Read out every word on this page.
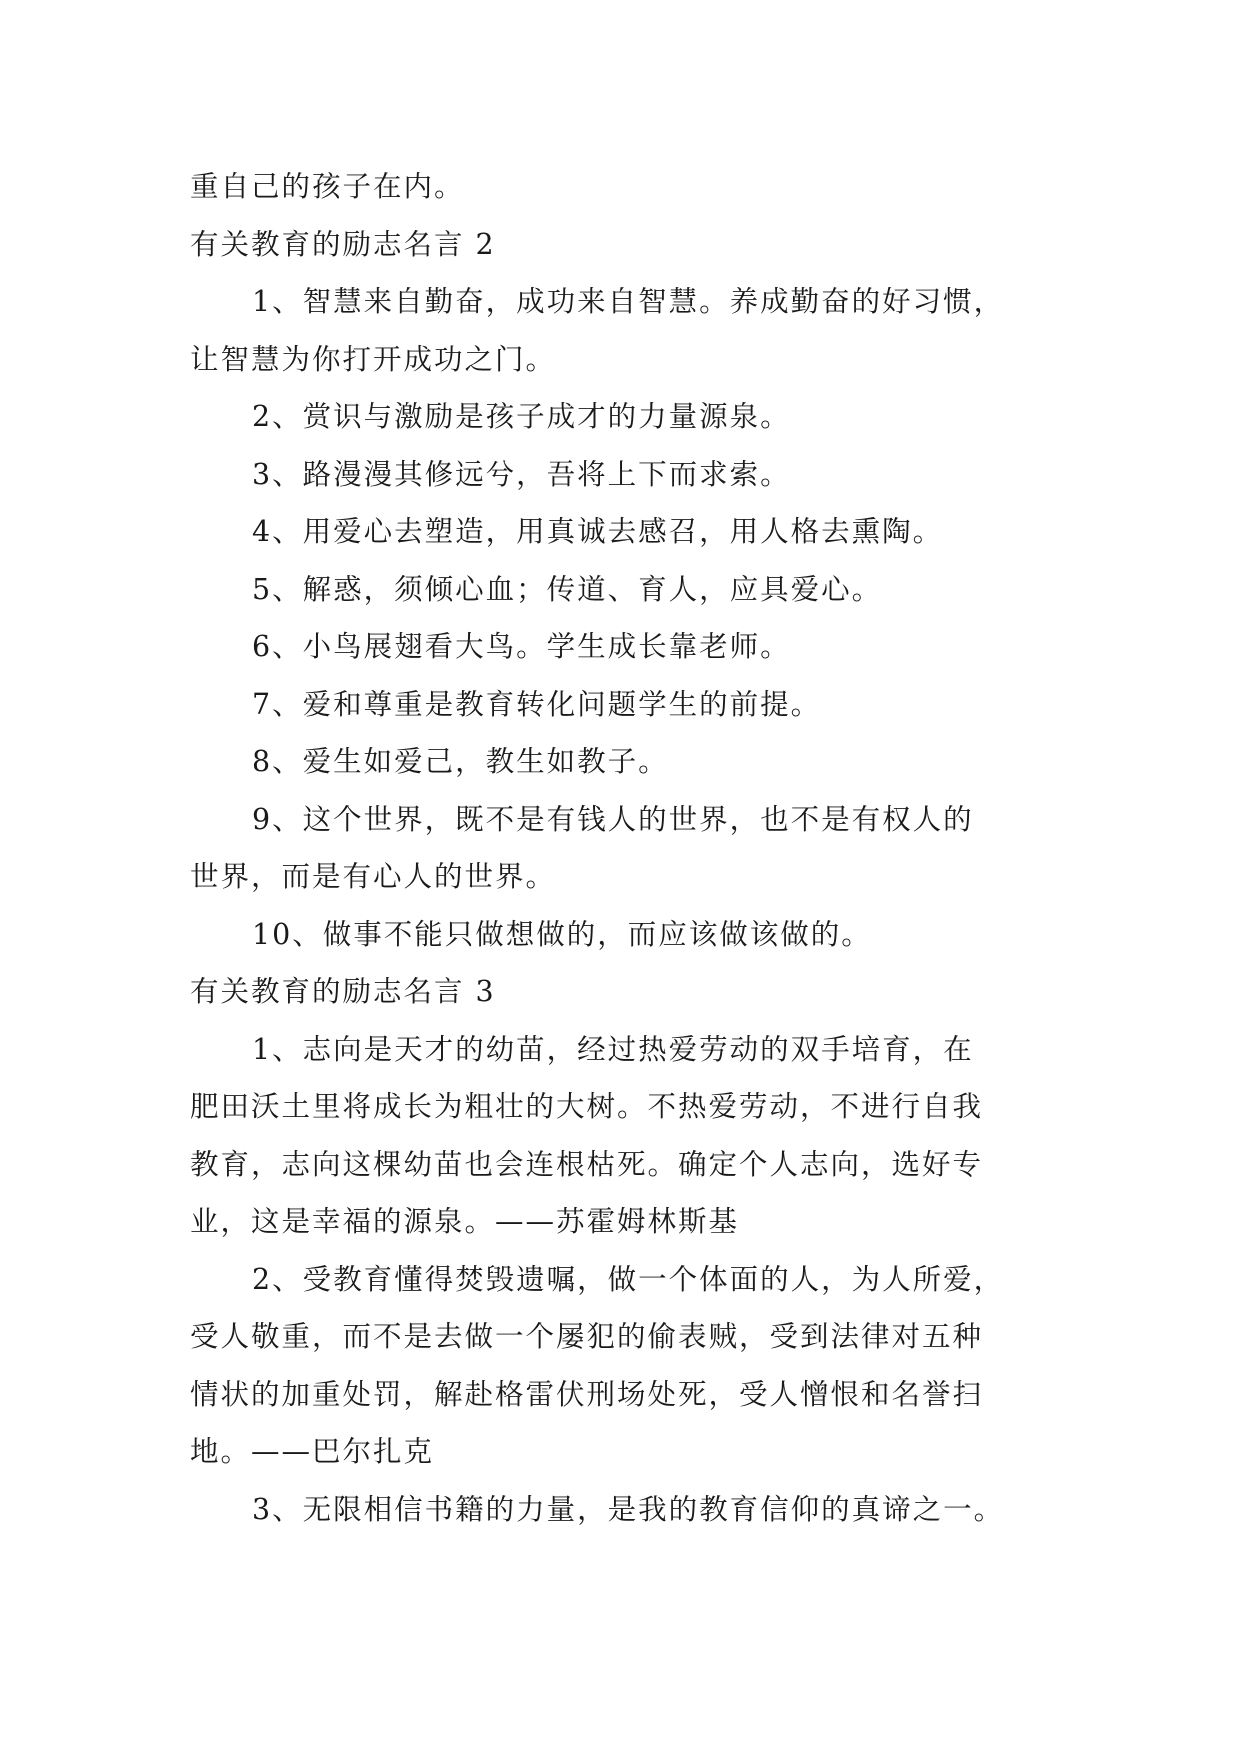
重自己的孩子在内。
有关教育的励志名言 2
1、智慧来自勤奋，成功来自智慧。养成勤奋的好习惯，
让智慧为你打开成功之门。
2、赏识与激励是孩子成才的力量源泉。
3、路漫漫其修远兮，吾将上下而求索。
4、用爱心去塑造，用真诚去感召，用人格去熏陶。
5、解惑，须倾心血；传道、育人，应具爱心。
6、小鸟展翅看大鸟。学生成长靠老师。
7、爱和尊重是教育转化问题学生的前提。
8、爱生如爱己，教生如教子。
9、这个世界，既不是有钱人的世界，也不是有权人的
世界，而是有心人的世界。
10、做事不能只做想做的，而应该做该做的。
有关教育的励志名言 3
1、志向是天才的幼苗，经过热爱劳动的双手培育，在
肥田沃土里将成长为粗壮的大树。不热爱劳动，不进行自我
教育，志向这棵幼苗也会连根枯死。确定个人志向，选好专
业，这是幸福的源泉。——苏霍姆林斯基
2、受教育懂得焚毁遗嘱，做一个体面的人，为人所爱，
受人敬重，而不是去做一个屡犯的偷表贼，受到法律对五种
情状的加重处罚，解赴格雷伏刑场处死，受人憎恨和名誉扫
地。——巴尔扎克
3、无限相信书籍的力量，是我的教育信仰的真谛之一。
